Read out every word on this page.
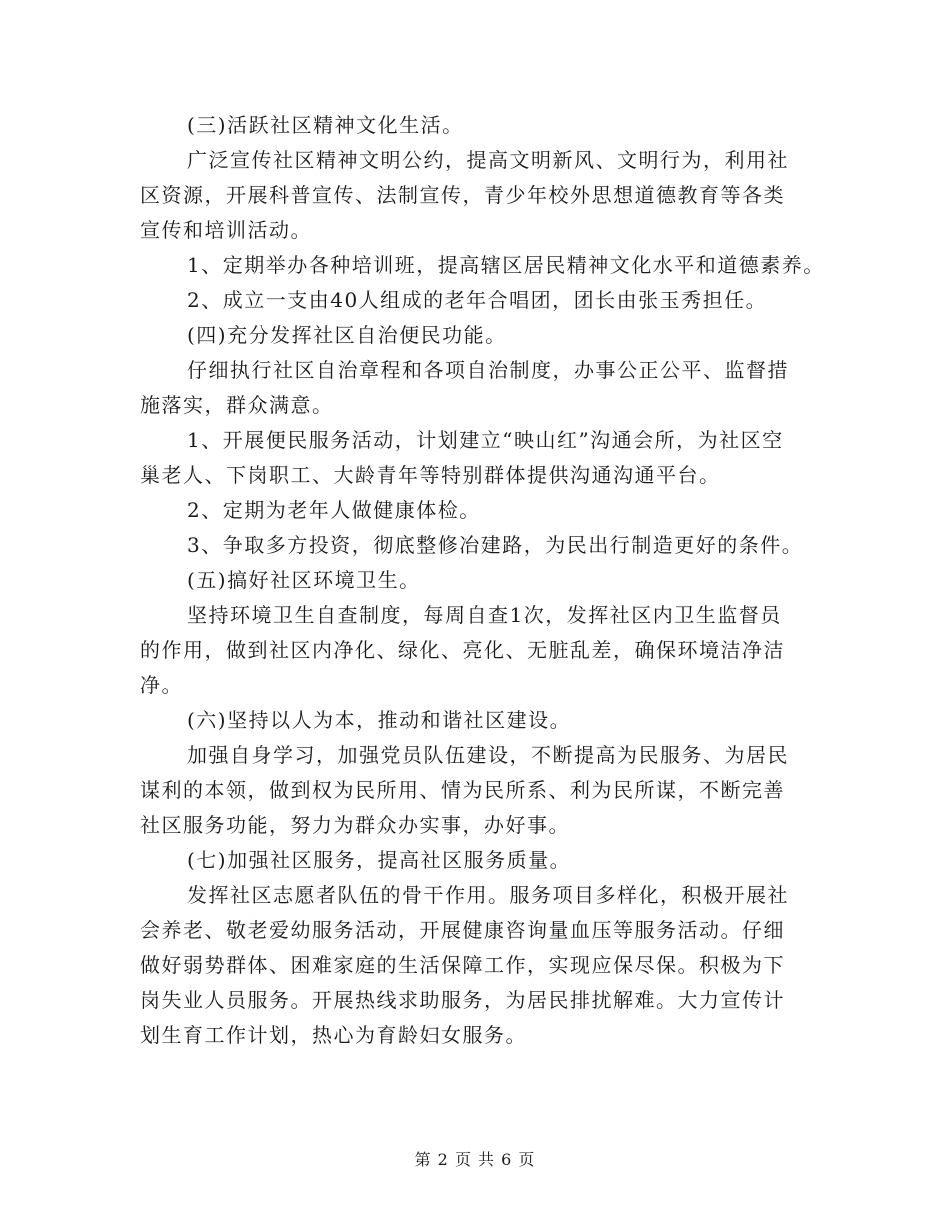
(三)活跃社区精神文化生活。
广泛宣传社区精神文明公约，提高文明新风、文明行为，利用社
区资源，开展科普宣传、法制宣传，青少年校外思想道德教育等各类
宣传和培训活动。
1、定期举办各种培训班，提高辖区居民精神文化水平和道德素养。
2、成立一支由40人组成的老年合唱团，团长由张玉秀担任。
(四)充分发挥社区自治便民功能。
仔细执行社区自治章程和各项自治制度，办事公正公平、监督措
施落实，群众满意。
1、开展便民服务活动，计划建立“映山红”沟通会所，为社区空
巢老人、下岗职工、大龄青年等特别群体提供沟通沟通平台。
2、定期为老年人做健康体检。
3、争取多方投资，彻底整修冶建路，为民出行制造更好的条件。
(五)搞好社区环境卫生。
坚持环境卫生自查制度，每周自查1次，发挥社区内卫生监督员
的作用，做到社区内净化、绿化、亮化、无脏乱差，确保环境洁净洁
净。
(六)坚持以人为本，推动和谐社区建设。
加强自身学习，加强党员队伍建设，不断提高为民服务、为居民
谋利的本领，做到权为民所用、情为民所系、利为民所谋，不断完善
社区服务功能，努力为群众办实事，办好事。
(七)加强社区服务，提高社区服务质量。
发挥社区志愿者队伍的骨干作用。服务项目多样化，积极开展社
会养老、敬老爱幼服务活动，开展健康咨询量血压等服务活动。仔细
做好弱势群体、困难家庭的生活保障工作，实现应保尽保。积极为下
岗失业人员服务。开展热线求助服务，为居民排扰解难。大力宣传计
划生育工作计划，热心为育龄妇女服务。
第 2 页 共 6 页
